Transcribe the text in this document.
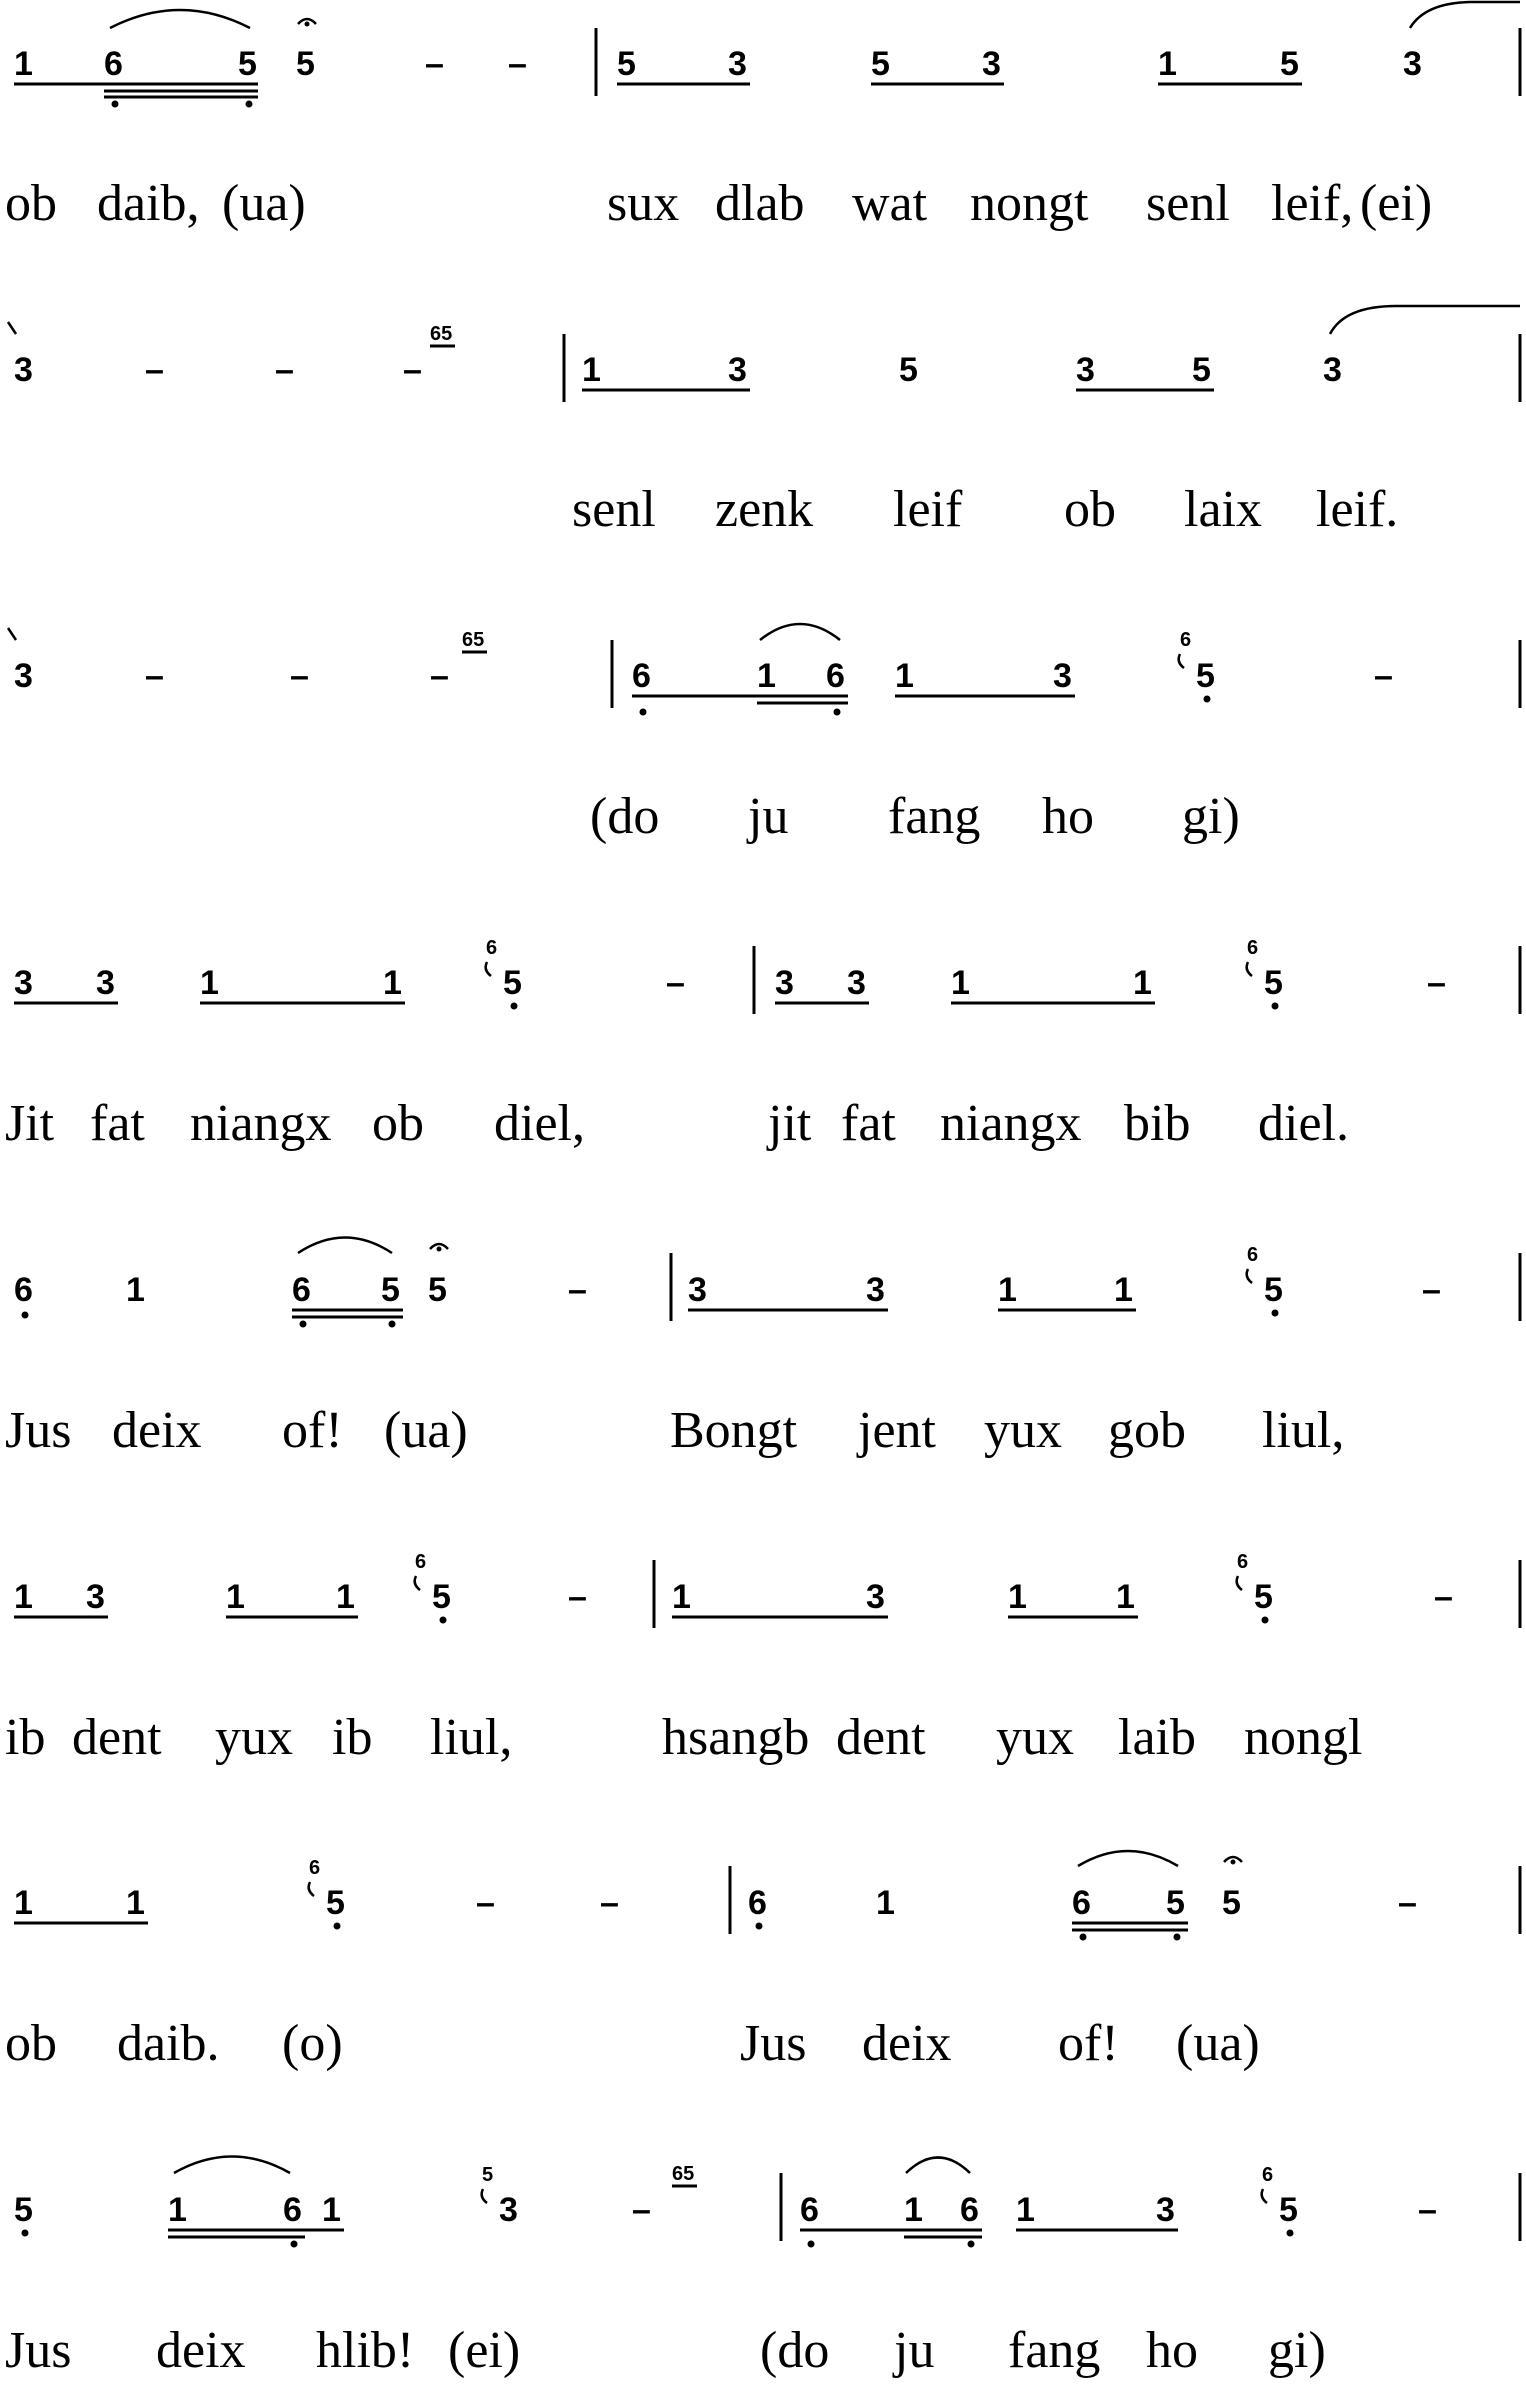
1 6	5 5	– –	5	3	5	3	1	5	3
ob daib, (ua)	sux dlab wat nongt senl leif, (ei)
3	–	–	–
65
1	3	5	3	5	3
senl zenk leif ob laix leif.
3	–	–	–
65
6	1 6 1	3
6
5	–
(do ju fang ho gi)
3 3	1	1
6
5	–	3 3	1	1
6
5	–
Jit fat niangx ob diel,	jit fat niangx bib diel.
6	1	6 5 5	–	3	3	1	1
6
5	–
Jus deix of! (ua)	Bongt jent yux gob liul,
1 3	1	1
6
5	–	1	3	1	1
6
5	–
ib dent yux ib liul,	hsangb dent yux laib nongl
1	1
6
5	–	–	6	1	6 5 5	–
ob daib. (o)	Jus deix of! (ua)
5	1	6 1
5
3	–
65
6	1 6 1	3
6
5	–
Jus deix hlib! (ei)	(do ju fang ho gi)
